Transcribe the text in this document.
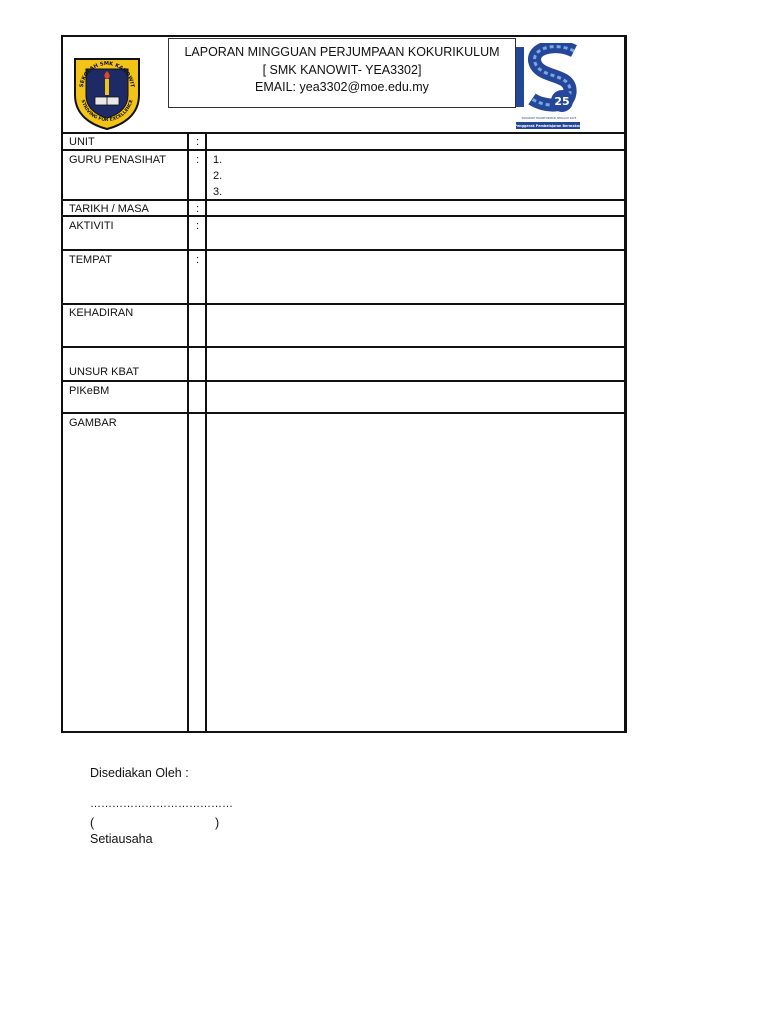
SEKOLAH SMK KANOWIT
STRIVING FOR EXCELLENCE
LAPORAN MINGGUAN PERJUMPAAN KOKURIKULUM
[ SMK KANOWIT- YEA3302]
EMAIL: yea3302@moe.edu.my
25
PROGRAM TRANSFORMASI SEKOLAH 2025
Penggerak Pembelajaran Bermakna
UNIT	:
GURU PENASIHAT	: 1.
2.
3.
TARIKH / MASA	:
AKTIVITI	:
TEMPAT	:
KEHADIRAN
UNSUR KBAT
PIKeBM
GAMBAR
Disediakan Oleh :
…………………………………
(	)
Setiausaha
